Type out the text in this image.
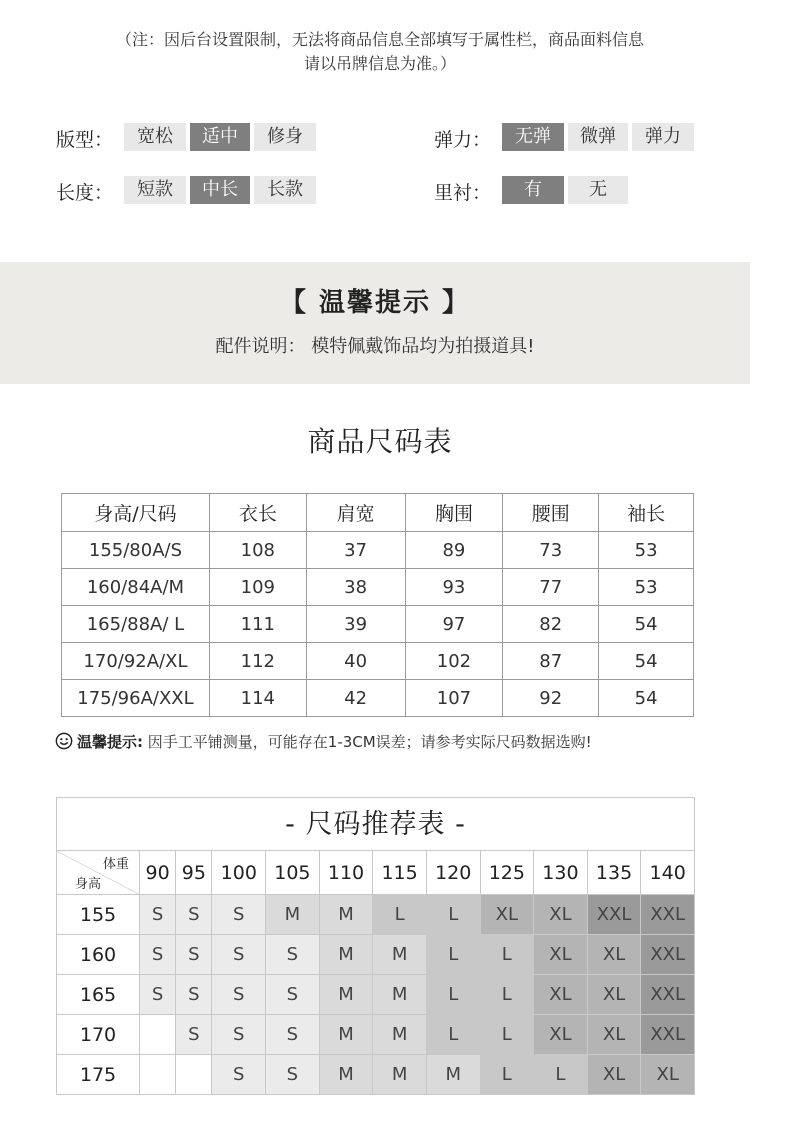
（注：因后台设置限制，无法将商品信息全部填写于属性栏，商品面料信息
请以吊牌信息为准。）
版型：	宽松	适中	修身	弹力：	无弹	微弹	弹力
长度：	短款	中长	长款	里衬：	有	无
【 温馨提示 】
配件说明： 模特佩戴饰品均为拍摄道具!
商品尺码表
身高/尺码	衣长	肩宽	胸围	腰围	袖长
155/80A/S	108	37	89	73	53
160/84A/M	109	38	93	77	53
165/88A/ L	111	39	97	82	54
170/92A/XL	112	40	102	87	54
175/96A/XXL	114	42	107	92	54
温馨提示: 因手工平铺测量，可能存在1-3CM误差；请参考实际尺码数据选购!
- 尺码推荐表 -
体重
身高	90	95	100	105	110	115	120	125	130	135	140
155	S	S	S	M	M	L	L	XL	XL	XXL	XXL
160	S	S	S	S	M	M	L	L	XL	XL	XXL
165	S	S	S	S	M	M	L	L	XL	XL	XXL
170		S	S	S	M	M	L	L	XL	XL	XXL
175			S	S	M	M	M	L	L	XL	XL
